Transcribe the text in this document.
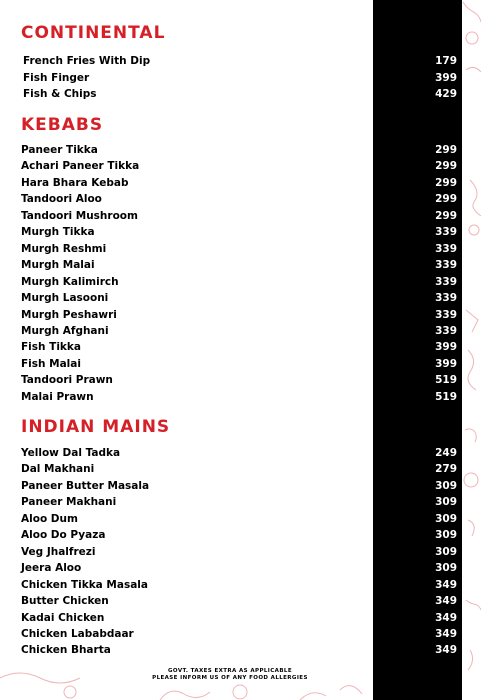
CONTINENTAL
French Fries With Dip	179
Fish Finger	399
Fish & Chips	429
KEBABS
Paneer Tikka	299
Achari Paneer Tikka	299
Hara Bhara Kebab	299
Tandoori Aloo	299
Tandoori Mushroom	299
Murgh Tikka	339
Murgh Reshmi	339
Murgh Malai	339
Murgh Kalimirch	339
Murgh Lasooni	339
Murgh Peshawri	339
Murgh Afghani	339
Fish Tikka	399
Fish Malai	399
Tandoori Prawn	519
Malai Prawn	519
INDIAN MAINS
Yellow Dal Tadka	249
Dal Makhani	279
Paneer Butter Masala	309
Paneer Makhani	309
Aloo Dum	309
Aloo Do Pyaza	309
Veg Jhalfrezi	309
Jeera Aloo	309
Chicken Tikka Masala	349
Butter Chicken	349
Kadai Chicken	349
Chicken Lababdaar	349
Chicken Bharta	349
GOVT. TAXES EXTRA AS APPLICABLE
PLEASE INFORM US OF ANY FOOD ALLERGIES
